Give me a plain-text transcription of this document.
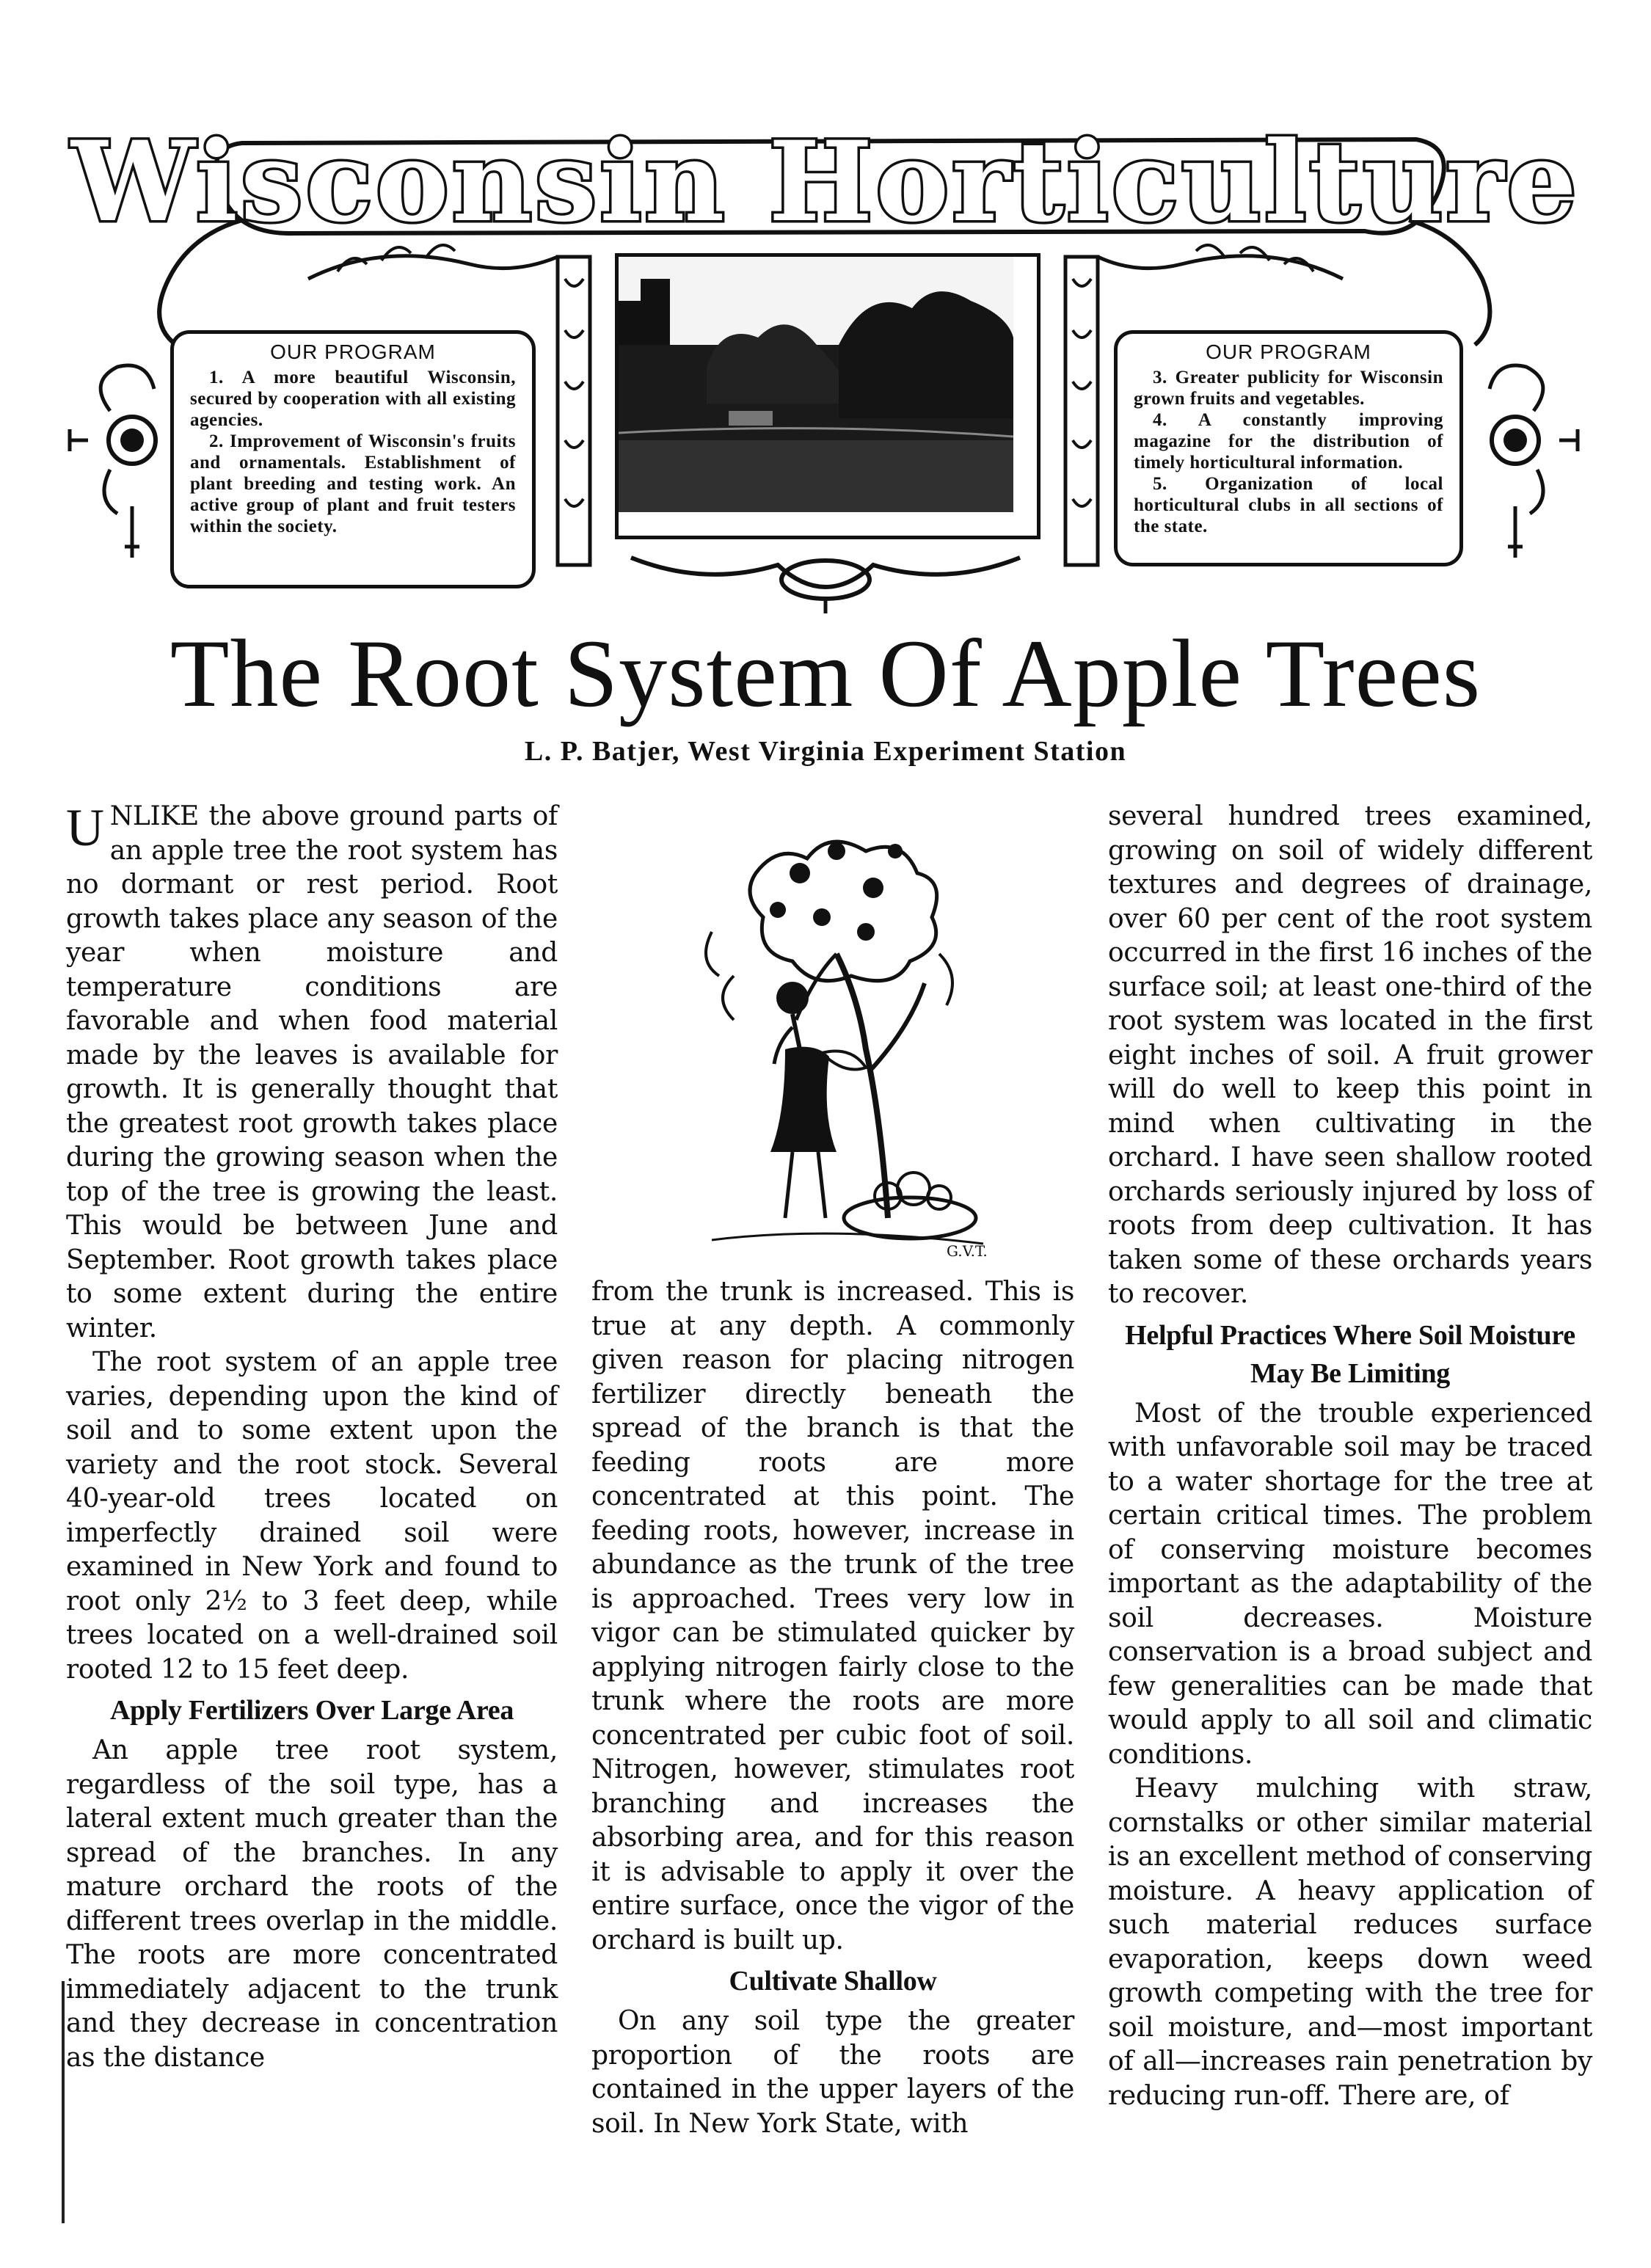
Wisconsin Horticulture
OUR PROGRAM

1. A more beautiful Wisconsin, secured by cooperation with all existing agencies.

2. Improvement of Wisconsin's fruits and ornamentals. Establishment of plant breeding and testing work. An active group of plant and fruit testers within the society.

OUR PROGRAM

3. Greater publicity for Wisconsin grown fruits and vegetables.

4. A constantly improving magazine for the distribution of timely horticultural information.

5. Organization of local horticultural clubs in all sections of the state.

The Root System Of Apple Trees
L. P. Batjer, West Virginia Experiment Station

UNLIKE the above ground parts of an apple tree the root system has no dormant or rest period. Root growth takes place any season of the year when moisture and temperature conditions are favorable and when food material made by the leaves is available for growth. It is generally thought that the greatest root growth takes place during the growing season when the top of the tree is growing the least. This would be between June and September. Root growth takes place to some extent during the entire winter.

The root system of an apple tree varies, depending upon the kind of soil and to some extent upon the variety and the root stock. Several 40-year-old trees located on imperfectly drained soil were examined in New York and found to root only 2½ to 3 feet deep, while trees located on a well-drained soil rooted 12 to 15 feet deep.

Apply Fertilizers Over Large Area

An apple tree root system, regardless of the soil type, has a lateral extent much greater than the spread of the branches. In any mature orchard the roots of the different trees overlap in the middle. The roots are more concentrated immediately adjacent to the trunk and they decrease in concentration as the distance

G.V.T.

from the trunk is increased. This is true at any depth. A commonly given reason for placing nitrogen fertilizer directly beneath the spread of the branch is that the feeding roots are more concentrated at this point. The feeding roots, however, increase in abundance as the trunk of the tree is approached. Trees very low in vigor can be stimulated quicker by applying nitrogen fairly close to the trunk where the roots are more concentrated per cubic foot of soil. Nitrogen, however, stimulates root branching and increases the absorbing area, and for this reason it is advisable to apply it over the entire surface, once the vigor of the orchard is built up.

Cultivate Shallow

On any soil type the greater proportion of the roots are contained in the upper layers of the soil. In New York State, with

several hundred trees examined, growing on soil of widely different textures and degrees of drainage, over 60 per cent of the root system occurred in the first 16 inches of the surface soil; at least one-third of the root system was located in the first eight inches of soil. A fruit grower will do well to keep this point in mind when cultivating in the orchard. I have seen shallow rooted orchards seriously injured by loss of roots from deep cultivation. It has taken some of these orchards years to recover.

Helpful Practices Where Soil Moisture May Be Limiting

Most of the trouble experienced with unfavorable soil may be traced to a water shortage for the tree at certain critical times. The problem of conserving moisture becomes important as the adaptability of the soil decreases. Moisture conservation is a broad subject and few generalities can be made that would apply to all soil and climatic conditions.

Heavy mulching with straw, cornstalks or other similar material is an excellent method of conserving moisture. A heavy application of such material reduces surface evaporation, keeps down weed growth competing with the tree for soil moisture, and—most important of all—increases rain penetration by reducing run-off. There are, of
